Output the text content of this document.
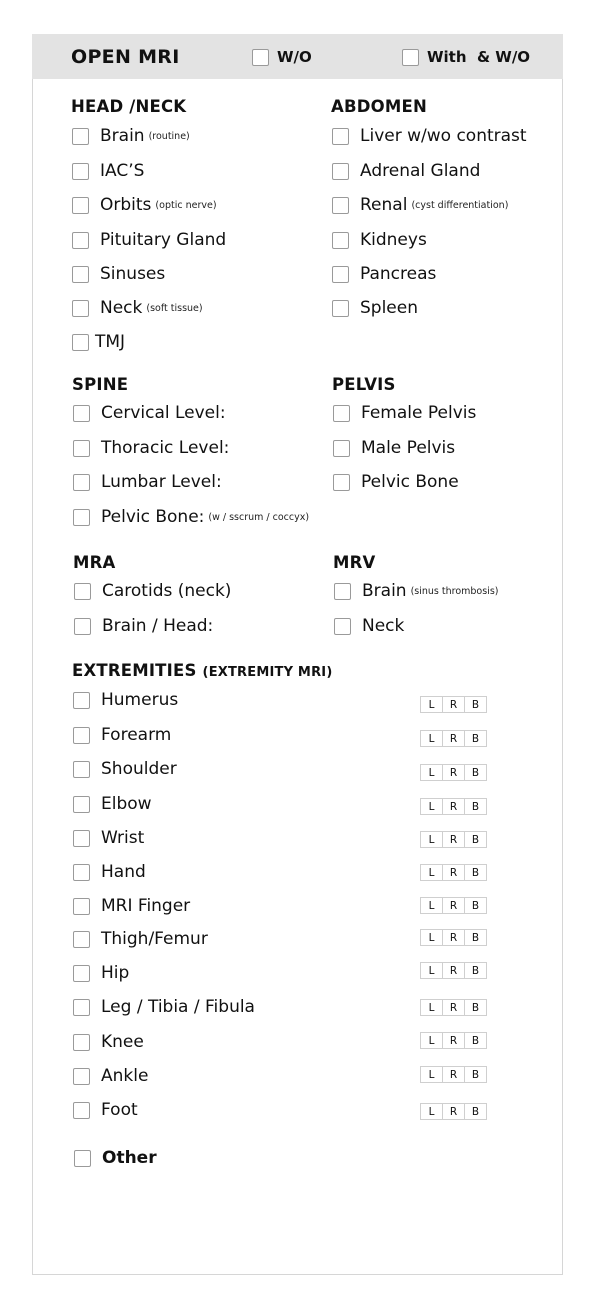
OPEN MRI	W/O	With  & W/O
HEAD /NECK
Brain (routine)
IAC’S
Orbits (optic nerve)
Pituitary Gland
Sinuses
Neck (soft tissue)
TMJ
ABDOMEN
Liver w/wo contrast
Adrenal Gland
Renal (cyst differentiation)
Kidneys
Pancreas
Spleen
SPINE
Cervical Level:
Thoracic Level:
Lumbar Level:
Pelvic Bone: (w / sscrum / coccyx)
PELVIS
Female Pelvis
Male Pelvis
Pelvic Bone
MRA
Carotids (neck)
Brain / Head:
MRV
Brain (sinus thrombosis)
Neck
EXTREMITIES (EXTREMITY MRI)
Humerus	L	R	B
Forearm	L	R	B
Shoulder	L	R	B
Elbow	L	R	B
Wrist	L	R	B
Hand	L	R	B
MRI Finger	L	R	B
Thigh/Femur	L	R	B
Hip	L	R	B
Leg / Tibia / Fibula	L	R	B
Knee	L	R	B
Ankle	L	R	B
Foot	L	R	B
Other
